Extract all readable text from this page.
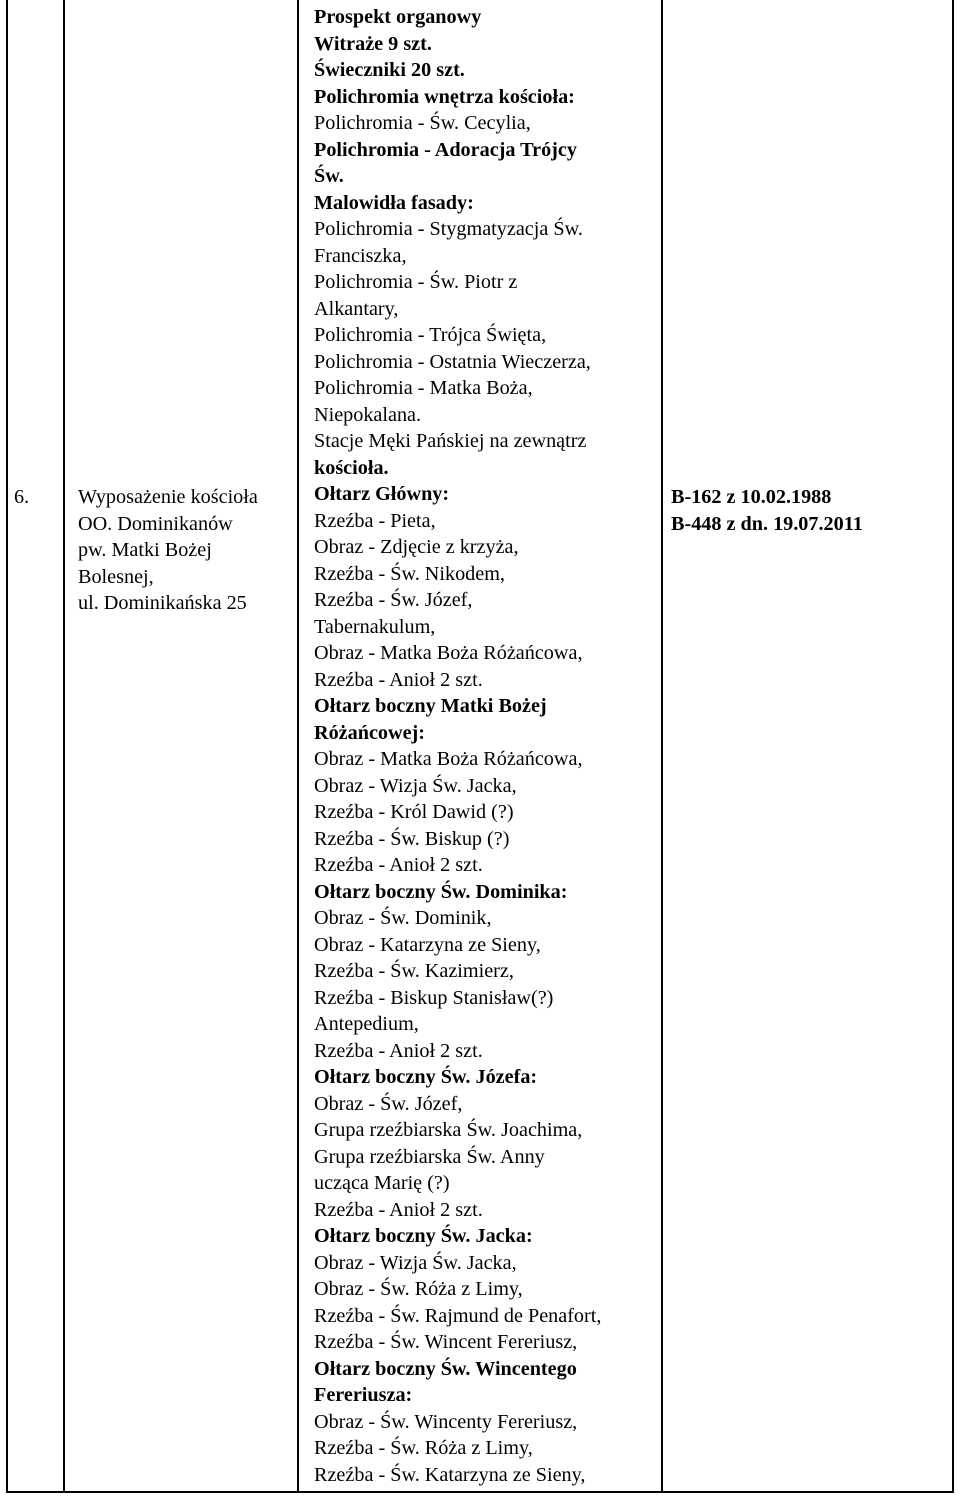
6. Wyposażenie kościoła
OO. Dominikanów
pw. Matki Bożej
Bolesnej,
ul. Dominikańska 25
Prospekt organowy
Witraże 9 szt.
Świeczniki 20 szt.
Polichromia wnętrza kościoła:
Polichromia - Św. Cecylia,
Polichromia - Adoracja Trójcy
Św.
Malowidła fasady:
Polichromia - Stygmatyzacja Św.
Franciszka,
Polichromia - Św. Piotr z
Alkantary,
Polichromia - Trójca Święta,
Polichromia - Ostatnia Wieczerza,
Polichromia - Matka Boża,
Niepokalana.
Stacje Męki Pańskiej na zewnątrz
kościoła.
Ołtarz Główny:
Rzeźba - Pieta,
Obraz - Zdjęcie z krzyża,
Rzeźba - Św. Nikodem,
Rzeźba - Św. Józef,
Tabernakulum,
Obraz - Matka Boża Różańcowa,
Rzeźba - Anioł 2 szt.
Ołtarz boczny Matki Bożej
Różańcowej:
Obraz - Matka Boża Różańcowa,
Obraz - Wizja Św. Jacka,
Rzeźba - Król Dawid (?)
Rzeźba - Św. Biskup (?)
Rzeźba - Anioł 2 szt.
Ołtarz boczny Św. Dominika:
Obraz - Św. Dominik,
Obraz - Katarzyna ze Sieny,
Rzeźba - Św. Kazimierz,
Rzeźba - Biskup Stanisław(?)
Antepedium,
Rzeźba - Anioł 2 szt.
Ołtarz boczny Św. Józefa:
Obraz - Św. Józef,
Grupa rzeźbiarska Św. Joachima,
Grupa rzeźbiarska Św. Anny
ucząca Marię (?)
Rzeźba - Anioł 2 szt.
Ołtarz boczny Św. Jacka:
Obraz - Wizja Św. Jacka,
Obraz - Św. Róża z Limy,
Rzeźba - Św. Rajmund de Penafort,
Rzeźba - Św. Wincent Fereriusz,
Ołtarz boczny Św. Wincentego
Fereriusza:
Obraz - Św. Wincenty Fereriusz,
Rzeźba - Św. Róża z Limy,
Rzeźba - Św. Katarzyna ze Sieny,
B-162 z 10.02.1988
B-448 z dn. 19.07.2011
